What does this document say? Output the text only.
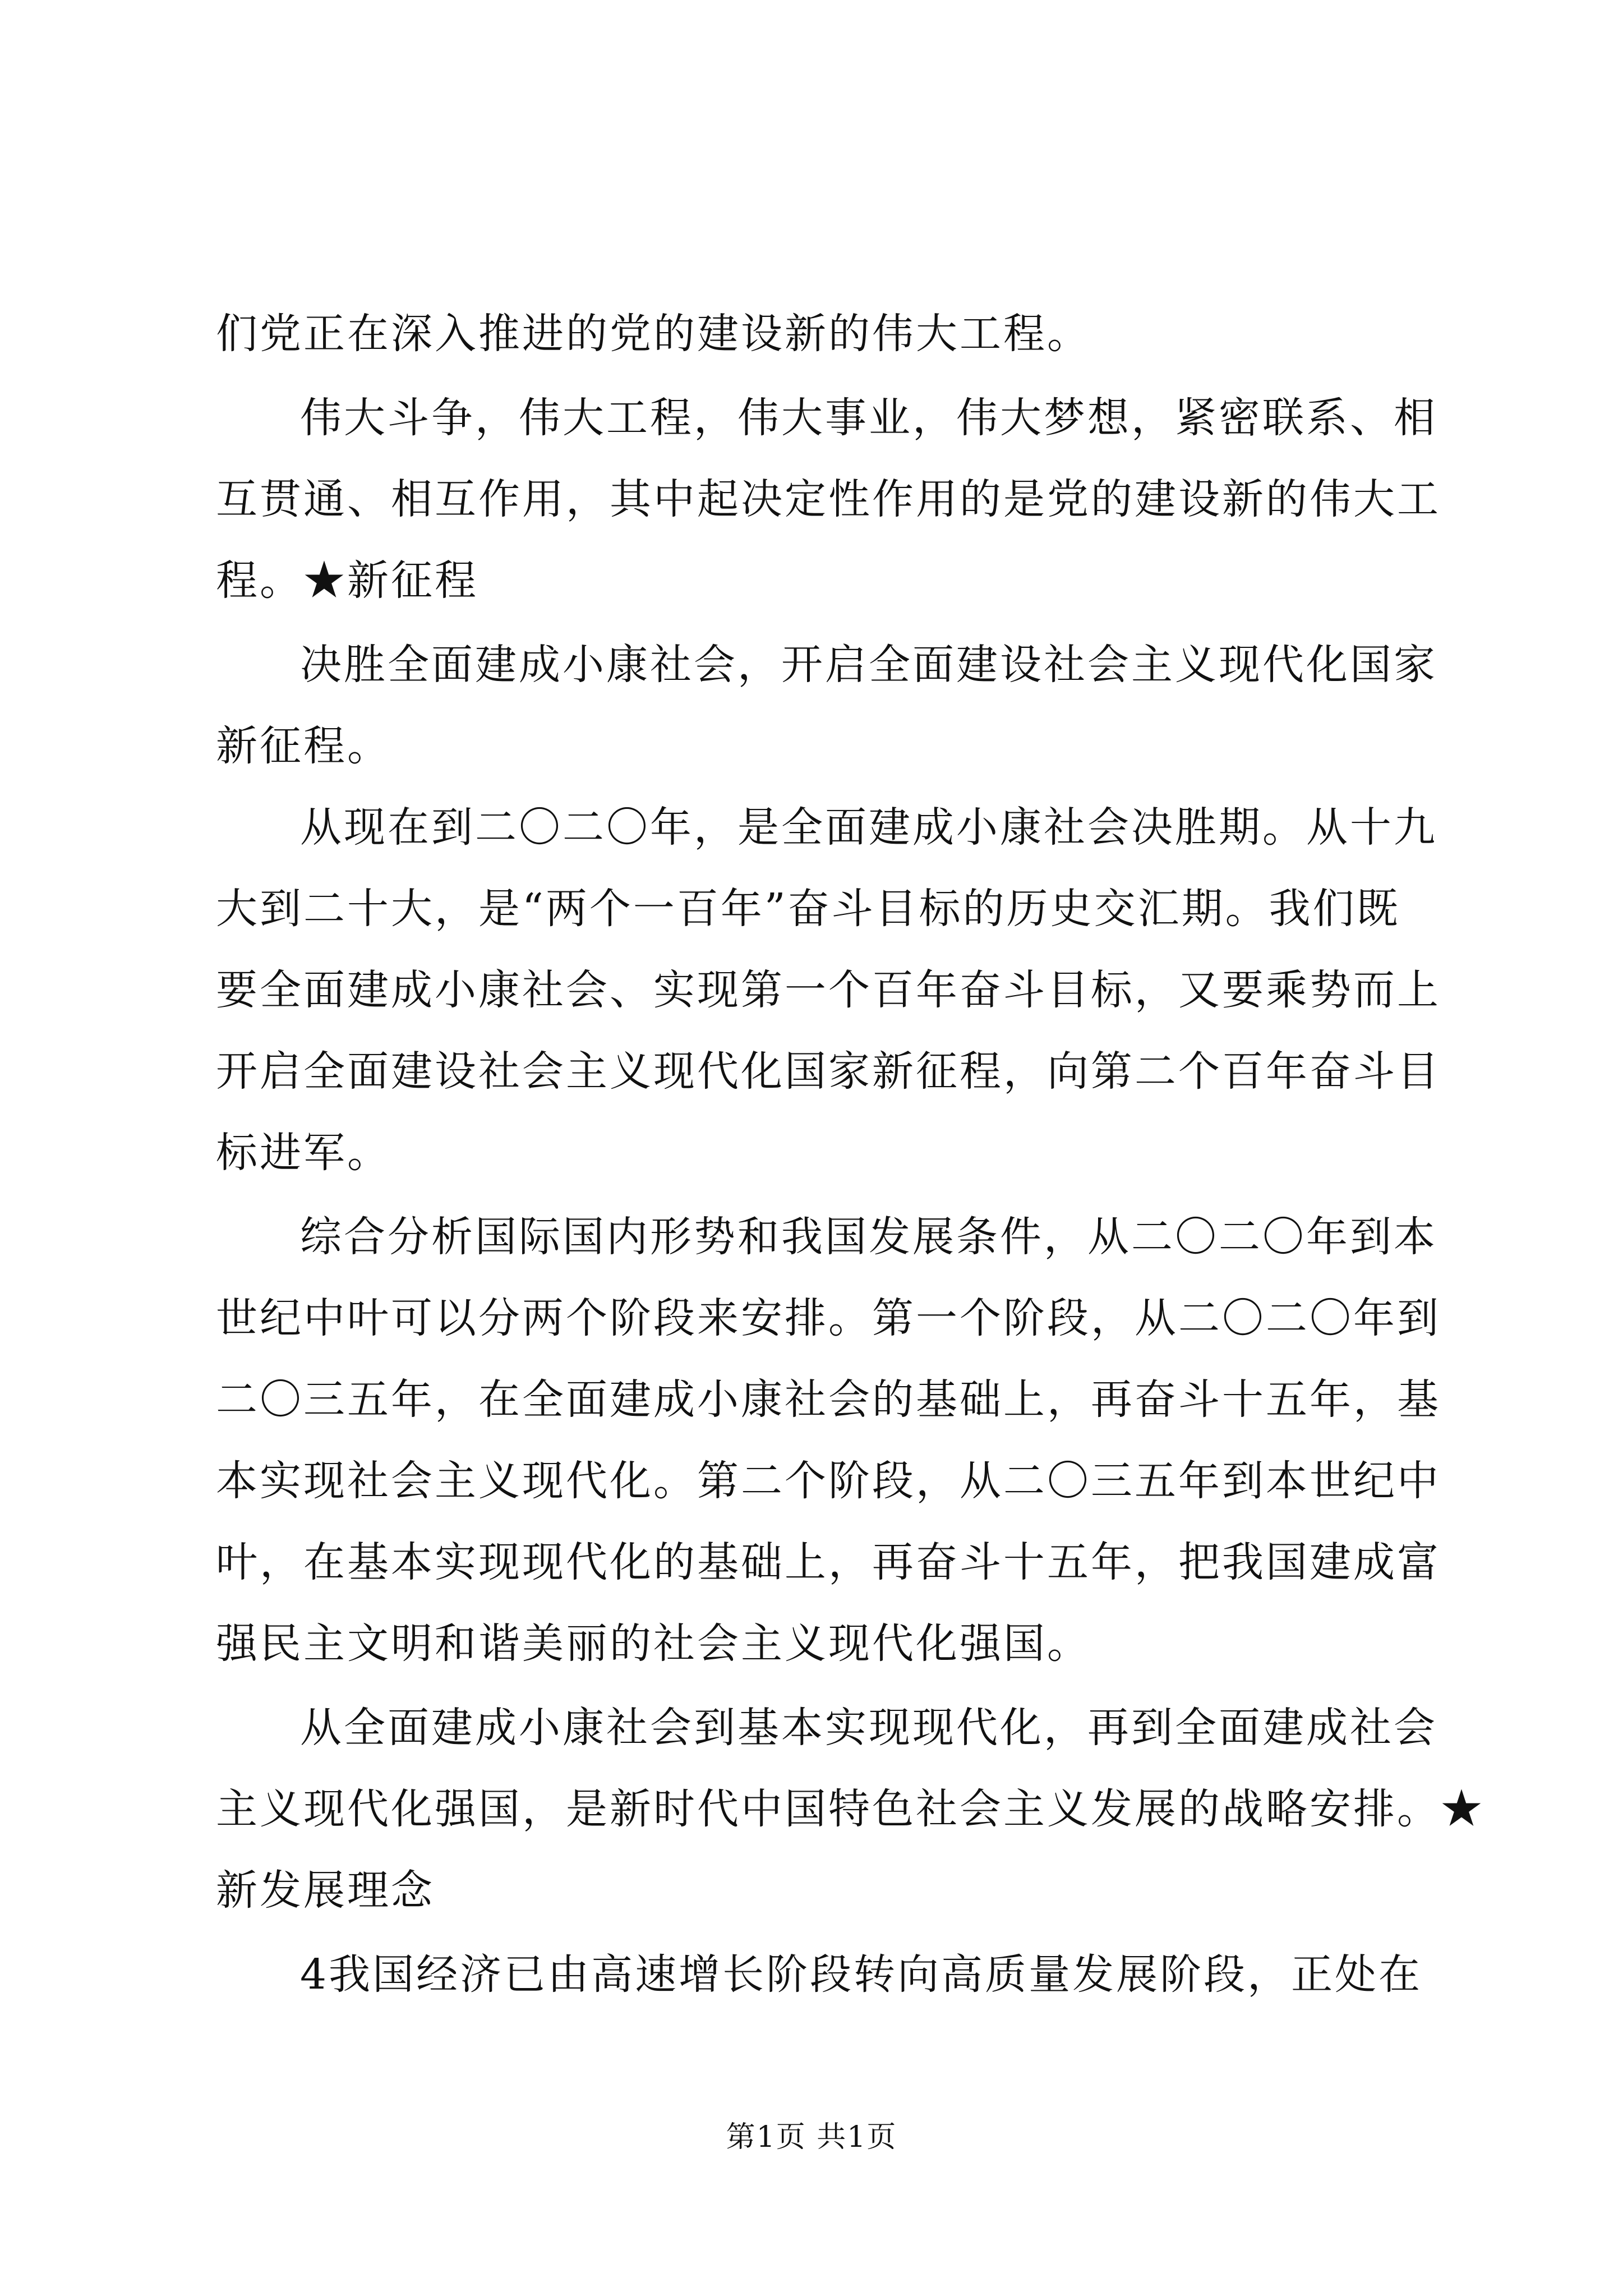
们党正在深入推进的党的建设新的伟大工程。
伟大斗争，伟大工程，伟大事业，伟大梦想，紧密联系、相
互贯通、相互作用，其中起决定性作用的是党的建设新的伟大工
程。★新征程
决胜全面建成小康社会，开启全面建设社会主义现代化国家
新征程。
从现在到二〇二〇年，是全面建成小康社会决胜期。从十九
大到二十大，是“两个一百年”奋斗目标的历史交汇期。我们既
要全面建成小康社会、实现第一个百年奋斗目标，又要乘势而上
开启全面建设社会主义现代化国家新征程，向第二个百年奋斗目
标进军。
综合分析国际国内形势和我国发展条件，从二〇二〇年到本
世纪中叶可以分两个阶段来安排。第一个阶段，从二〇二〇年到
二〇三五年，在全面建成小康社会的基础上，再奋斗十五年，基
本实现社会主义现代化。第二个阶段，从二〇三五年到本世纪中
叶，在基本实现现代化的基础上，再奋斗十五年，把我国建成富
强民主文明和谐美丽的社会主义现代化强国。
从全面建成小康社会到基本实现现代化，再到全面建成社会
主义现代化强国，是新时代中国特色社会主义发展的战略安排。★
新发展理念
4我国经济已由高速增长阶段转向高质量发展阶段，正处在
第1页 共1页
